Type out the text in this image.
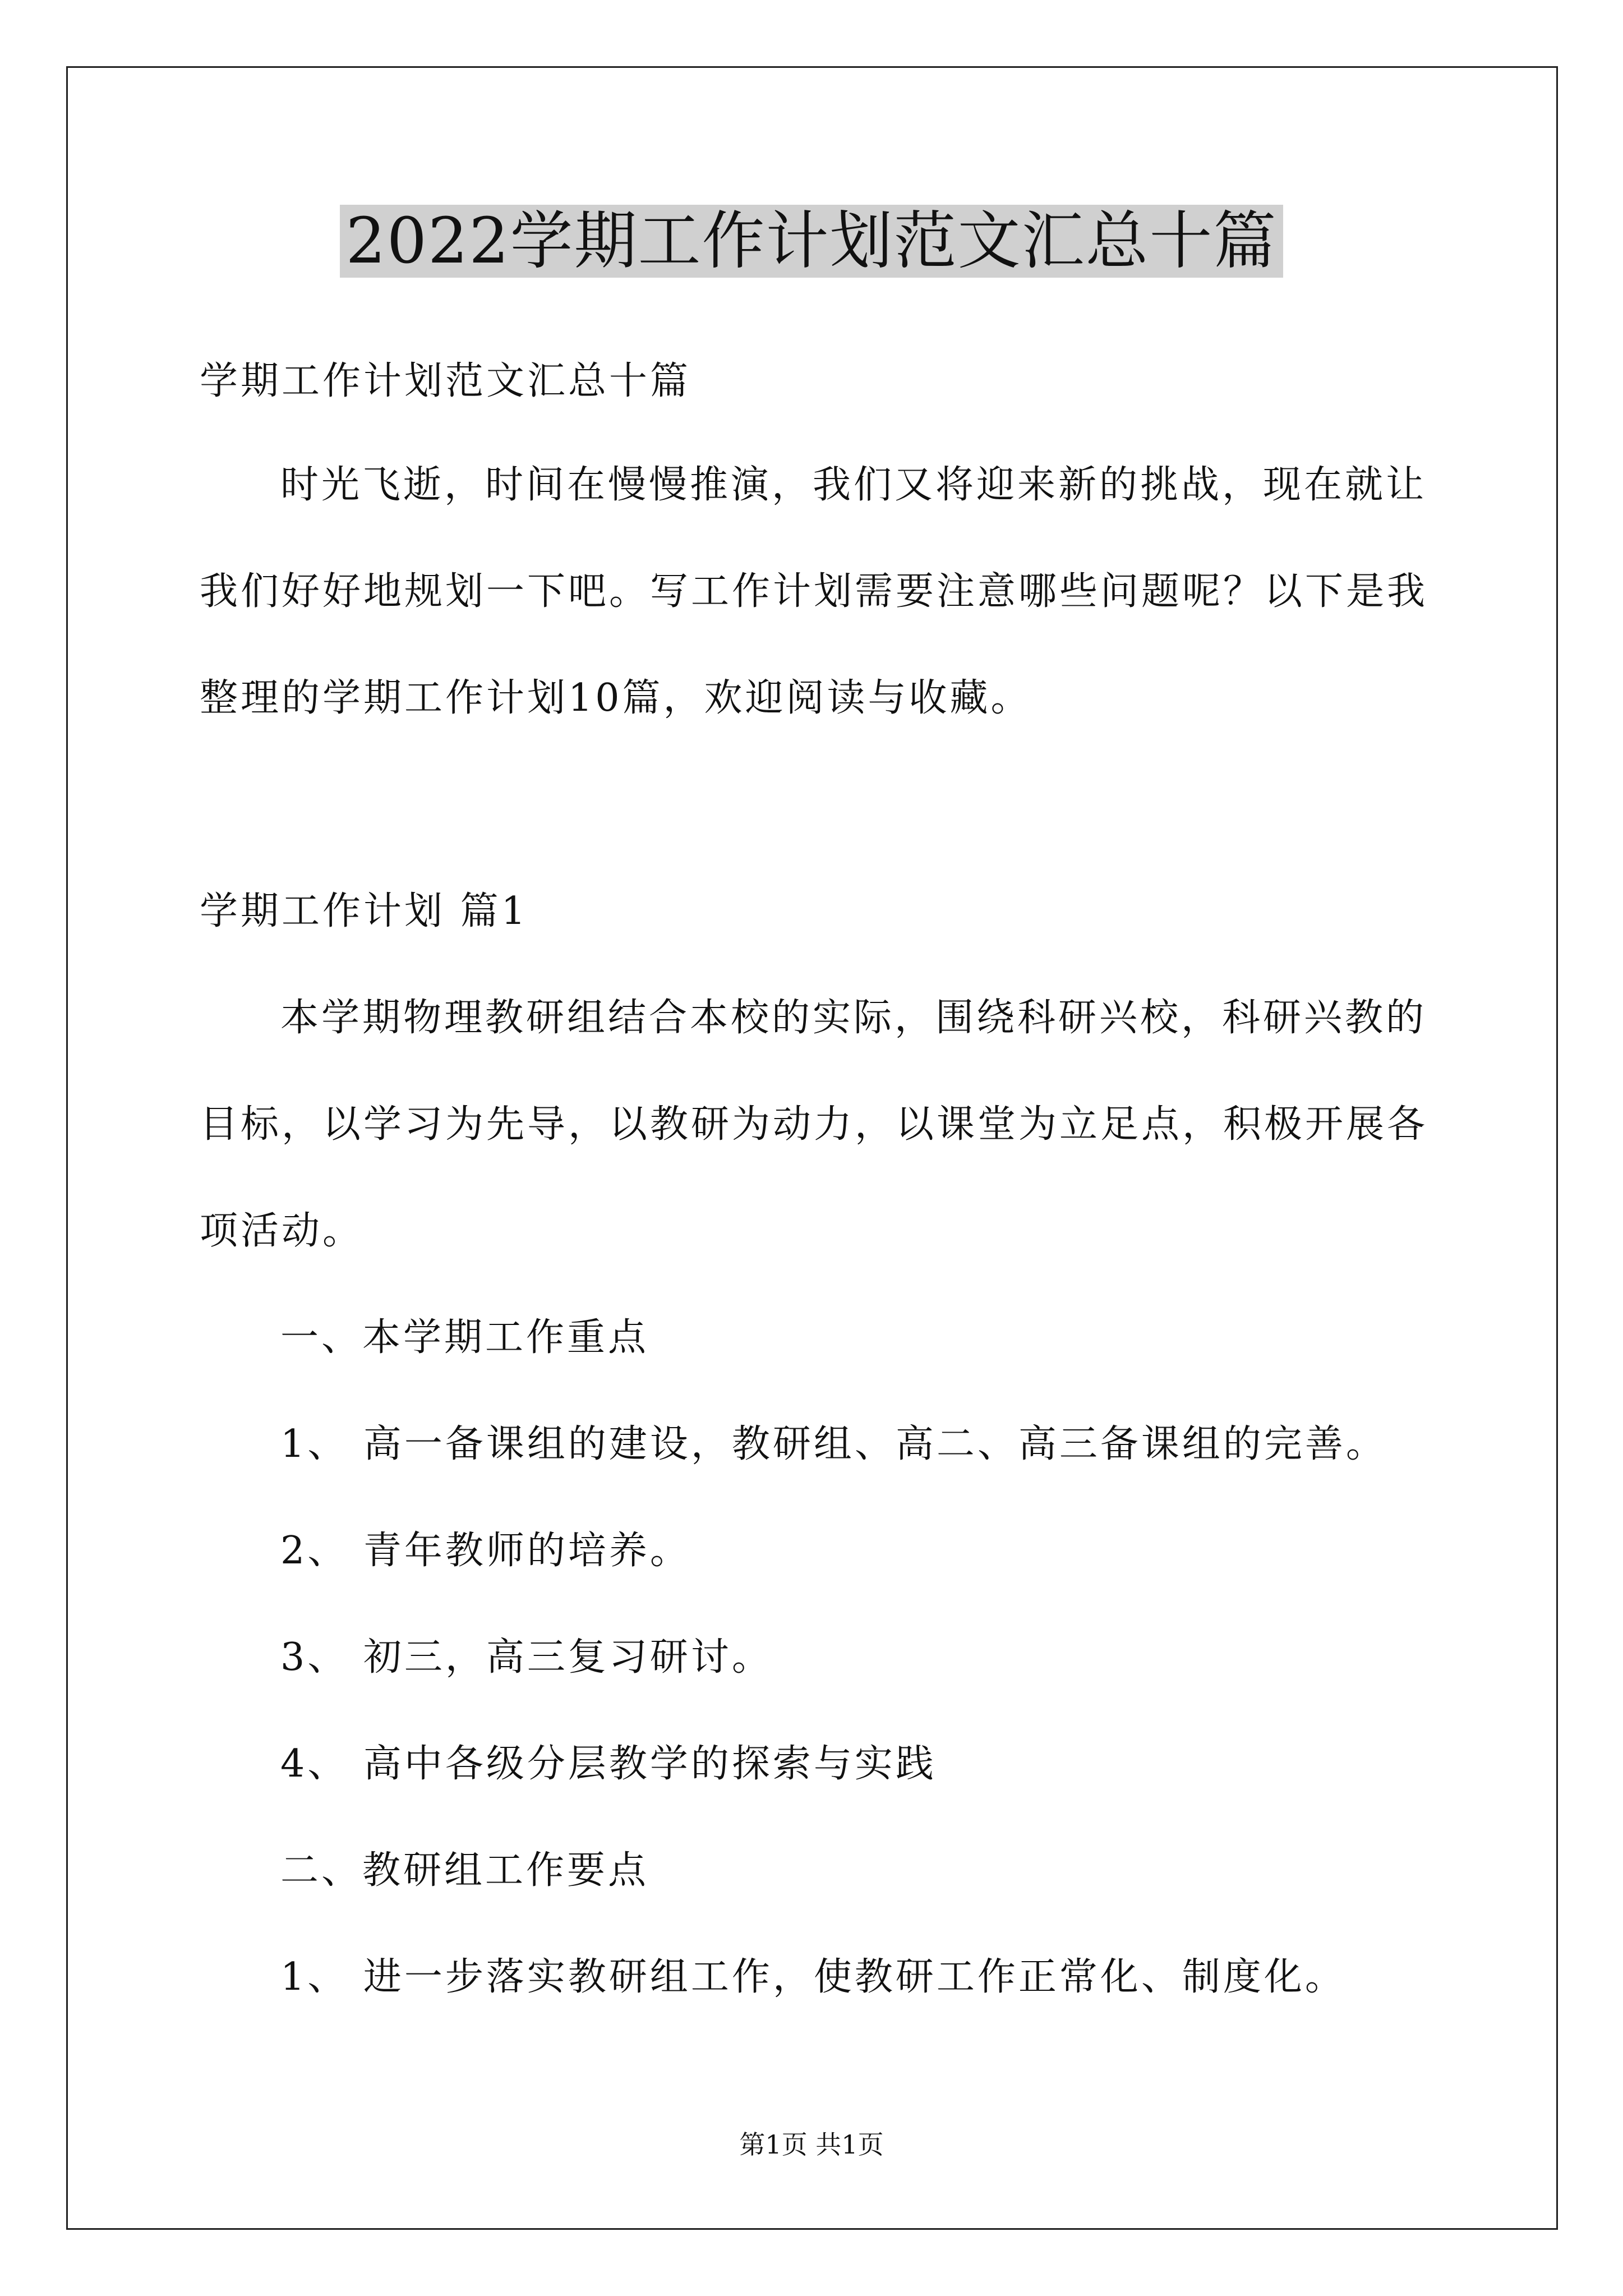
2022学期工作计划范文汇总十篇
学期工作计划范文汇总十篇
时光飞逝，时间在慢慢推演，我们又将迎来新的挑战，现在就让
我们好好地规划一下吧。写工作计划需要注意哪些问题呢？以下是我
整理的学期工作计划10篇，欢迎阅读与收藏。
学期工作计划 篇1
本学期物理教研组结合本校的实际，围绕科研兴校，科研兴教的
目标，以学习为先导，以教研为动力，以课堂为立足点，积极开展各
项活动。
一、本学期工作重点
1、 高一备课组的建设，教研组、高二、高三备课组的完善。
2、 青年教师的培养。
3、 初三，高三复习研讨。
4、 高中各级分层教学的探索与实践
二、教研组工作要点
1、 进一步落实教研组工作，使教研工作正常化、制度化。
第1页 共1页
